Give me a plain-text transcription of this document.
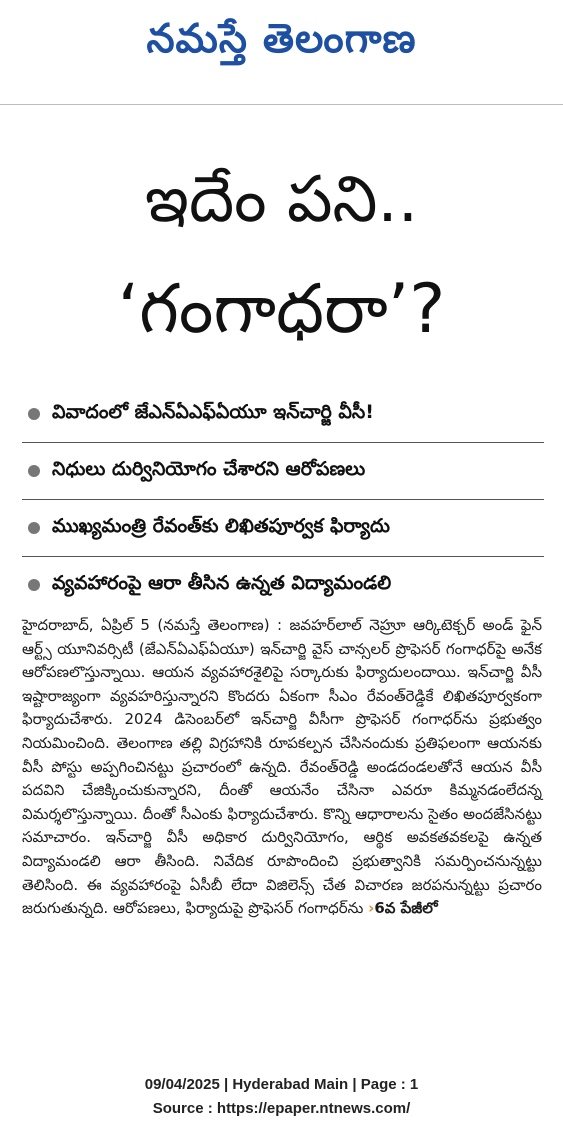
నమస్తే తెలంగాణ
ఇదేం పని..
‘గంగాధరా’?
వివాదంలో జేఎన్ఏఎఫ్ఏయూ ఇన్‌చార్జి వీసీ!
నిధులు దుర్వినియోగం చేశారని ఆరోపణలు
ముఖ్యమంత్రి రేవంత్‌కు లిఖితపూర్వక ఫిర్యాదు
వ్యవహారంపై ఆరా తీసిన ఉన్నత విద్యామండలి
హైదరాబాద్, ఏప్రిల్ 5 (నమస్తే తెలంగాణ) : జవహర్‌లాల్ నెహ్రూ ఆర్కిటెక్చర్ అండ్ ఫైన్ ఆర్ట్స్ యూనివర్సిటీ (జేఎన్ఏఎఫ్ఏయూ) ఇన్‌చార్జి వైస్ చాన్సలర్ ప్రొఫెసర్ గంగాధర్‌పై అనేక ఆరోపణలొస్తున్నాయి. ఆయన వ్యవహారశైలిపై సర్కారుకు ఫిర్యాదులందాయి. ఇన్‌చార్జి వీసీ ఇష్టారాజ్యంగా వ్యవహరిస్తున్నారని కొందరు ఏకంగా సీఎం రేవంత్‌రెడ్డికే లిఖితపూర్వకంగా ఫిర్యాదుచేశారు. 2024 డిసెంబర్‌లో ఇన్‌చార్జి వీసీగా ప్రొఫెసర్ గంగాధర్‌ను ప్రభుత్వం నియమించింది. తెలంగాణ తల్లి విగ్రహానికి రూపకల్పన చేసినందుకు ప్రతిఫలంగా ఆయనకు వీసీ పోస్టు అప్పగించినట్టు ప్రచారంలో ఉన్నది. రేవంత్‌రెడ్డి అండదండలతోనే ఆయన వీసీ పదవిని చేజిక్కించుకున్నారని, దీంతో ఆయనేం చేసినా ఎవరూ కిమ్మనడంలేదన్న విమర్శలొస్తున్నాయి. దీంతో సీఎంకు ఫిర్యాదుచేశారు. కొన్ని ఆధారాలను సైతం అందజేసినట్టు సమాచారం. ఇన్‌చార్జి వీసీ అధికార దుర్వినియోగం, ఆర్థిక అవకతవకలపై ఉన్నత విద్యామండలి ఆరా తీసింది. నివేదిక రూపొందించి ప్రభుత్వానికి సమర్పించనున్నట్టు తెలిసింది. ఈ వ్యవహారంపై ఏసీబీ లేదా విజిలెన్స్ చేత విచారణ జరపనున్నట్టు ప్రచారం జరుగుతున్నది. ఆరోపణలు, ఫిర్యాదుపై ప్రొఫెసర్ గంగాధర్‌ను ›6వ పేజీలో
09/04/2025 | Hyderabad Main | Page : 1
Source : https://epaper.ntnews.com/
